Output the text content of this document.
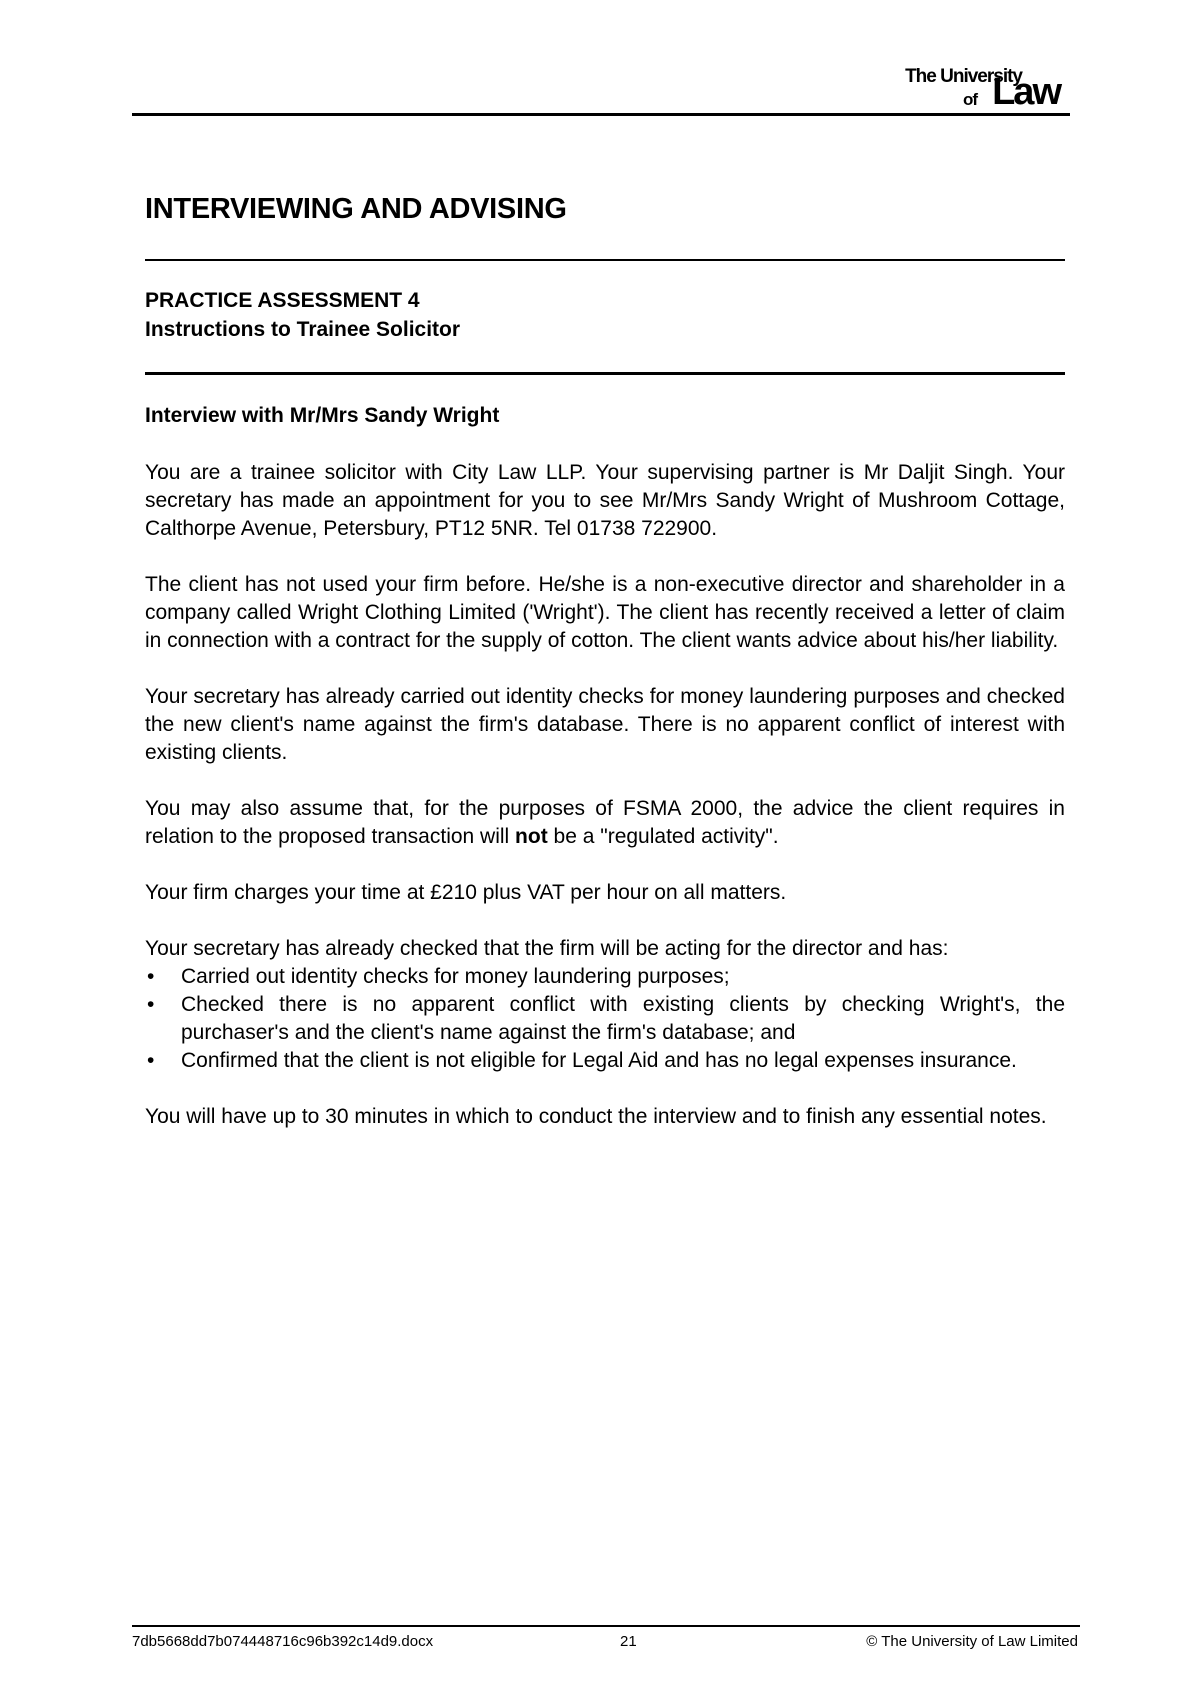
The University
of Law
INTERVIEWING AND ADVISING
PRACTICE ASSESSMENT 4
Instructions to Trainee Solicitor
Interview with Mr/Mrs Sandy Wright

You are a trainee solicitor with City Law LLP. Your supervising partner is Mr Daljit Singh. Your secretary has made an appointment for you to see Mr/Mrs Sandy Wright of Mushroom Cottage, Calthorpe Avenue, Petersbury, PT12 5NR. Tel 01738 722900.

The client has not used your firm before. He/she is a non-executive director and shareholder in a company called Wright Clothing Limited ('Wright'). The client has recently received a letter of claim in connection with a contract for the supply of cotton. The client wants advice about his/her liability.

Your secretary has already carried out identity checks for money laundering purposes and checked the new client's name against the firm's database. There is no apparent conflict of interest with existing clients.

You may also assume that, for the purposes of FSMA 2000, the advice the client requires in relation to the proposed transaction will not be a "regulated activity".

Your firm charges your time at £210 plus VAT per hour on all matters.

Your secretary has already checked that the firm will be acting for the director and has:

• Carried out identity checks for money laundering purposes;
• Checked there is no apparent conflict with existing clients by checking Wright's, the purchaser's and the client's name against the firm's database; and
• Confirmed that the client is not eligible for Legal Aid and has no legal expenses insurance.

You will have up to 30 minutes in which to conduct the interview and to finish any essential notes.

7db5668dd7b074448716c96b392c14d9.docx	21	© The University of Law Limited
